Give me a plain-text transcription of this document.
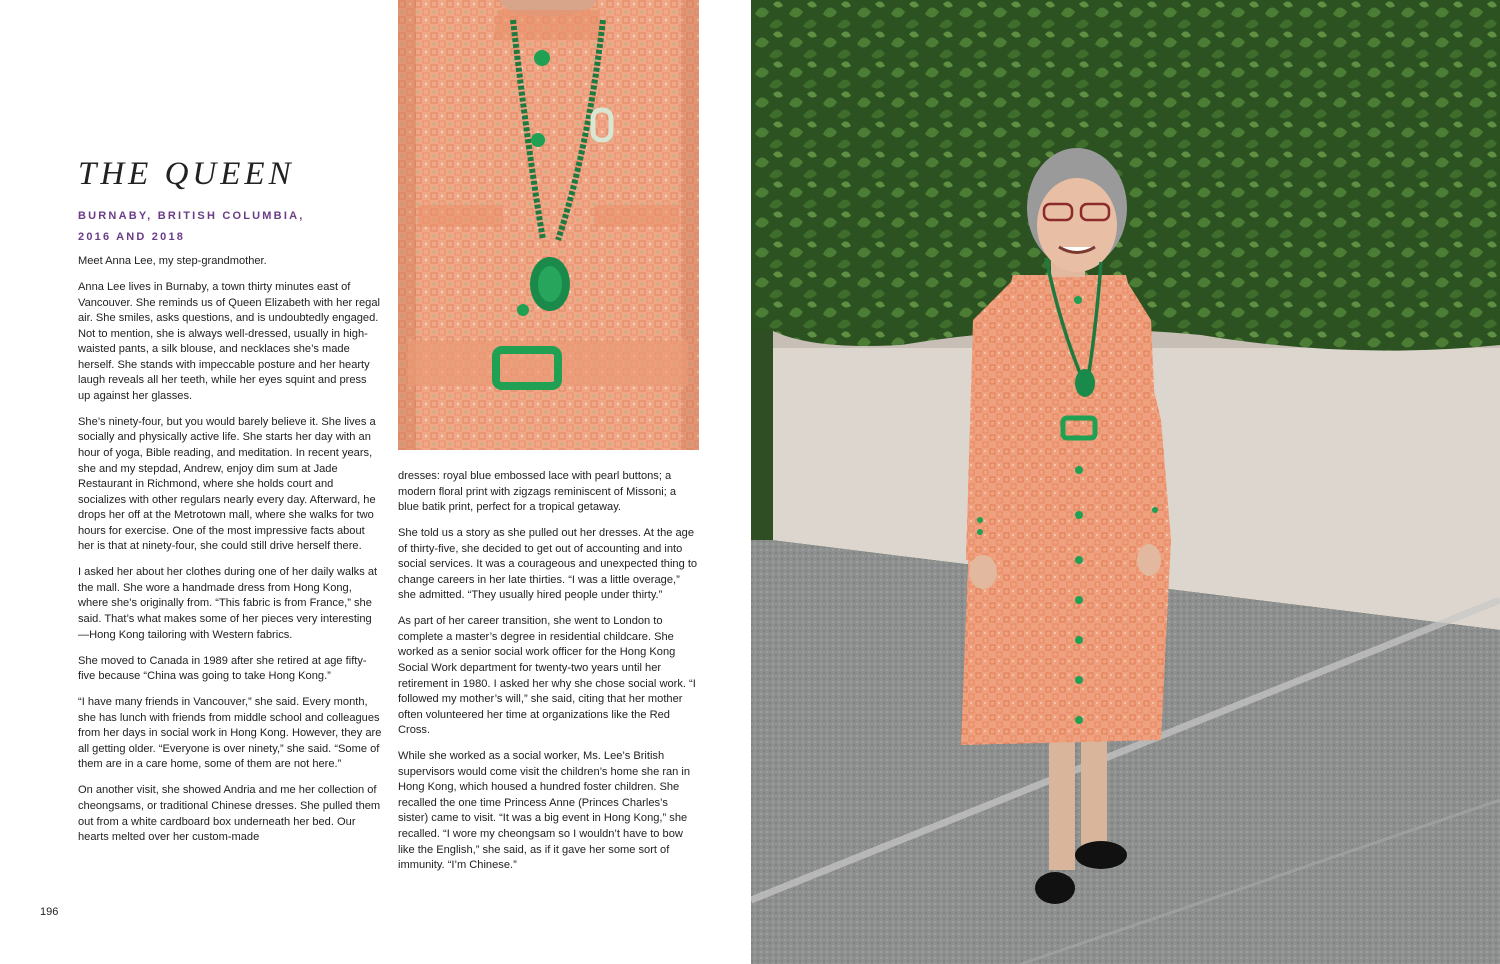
THE QUEEN
BURNABY, BRITISH COLUMBIA,
2016 AND 2018

Meet Anna Lee, my step-grandmother.

Anna Lee lives in Burnaby, a town thirty minutes east of Vancouver. She reminds us of Queen Elizabeth with her regal air. She smiles, asks questions, and is undoubtedly engaged. Not to mention, she is always well-dressed, usually in high-waisted pants, a silk blouse, and necklaces she’s made herself. She stands with impeccable posture and her hearty laugh reveals all her teeth, while her eyes squint and press up against her glasses.

She’s ninety-four, but you would barely believe it. She lives a socially and physically active life. She starts her day with an hour of yoga, Bible reading, and meditation. In recent years, she and my stepdad, Andrew, enjoy dim sum at Jade Restaurant in Richmond, where she holds court and socializes with other regulars nearly every day. Afterward, he drops her off at the Metrotown mall, where she walks for two hours for exercise. One of the most impressive facts about her is that at ninety-four, she could still drive herself there.

I asked her about her clothes during one of her daily walks at the mall. She wore a handmade dress from Hong Kong, where she’s originally from. “This fabric is from France,” she said. That’s what makes some of her pieces very interesting—Hong Kong tailoring with Western fabrics.

She moved to Canada in 1989 after she retired at age fifty-five because “China was going to take Hong Kong.”

“I have many friends in Vancouver,” she said. Every month, she has lunch with friends from middle school and colleagues from her days in social work in Hong Kong. However, they are all getting older. “Everyone is over ninety,” she said. “Some of them are in a care home, some of them are not here.”

On another visit, she showed Andria and me her collection of cheongsams, or traditional Chinese dresses. She pulled them out from a white cardboard box underneath her bed. Our hearts melted over her custom-made

dresses: royal blue embossed lace with pearl buttons; a modern floral print with zigzags reminiscent of Missoni; a blue batik print, perfect for a tropical getaway.

She told us a story as she pulled out her dresses. At the age of thirty-five, she decided to get out of accounting and into social services. It was a courageous and unexpected thing to change careers in her late thirties. “I was a little overage,” she admitted. “They usually hired people under thirty.”

As part of her career transition, she went to London to complete a master’s degree in residential childcare. She worked as a senior social work officer for the Hong Kong Social Work department for twenty-two years until her retirement in 1980. I asked her why she chose social work. “I followed my mother’s will,” she said, citing that her mother often volunteered her time at organizations like the Red Cross.

While she worked as a social worker, Ms. Lee’s British supervisors would come visit the children’s home she ran in Hong Kong, which housed a hundred foster children. She recalled the one time Princess Anne (Princes Charles’s sister) came to visit. “It was a big event in Hong Kong,” she recalled. “I wore my cheongsam so I wouldn’t have to bow like the English,” she said, as if it gave her some sort of immunity. “I’m Chinese.”

196
